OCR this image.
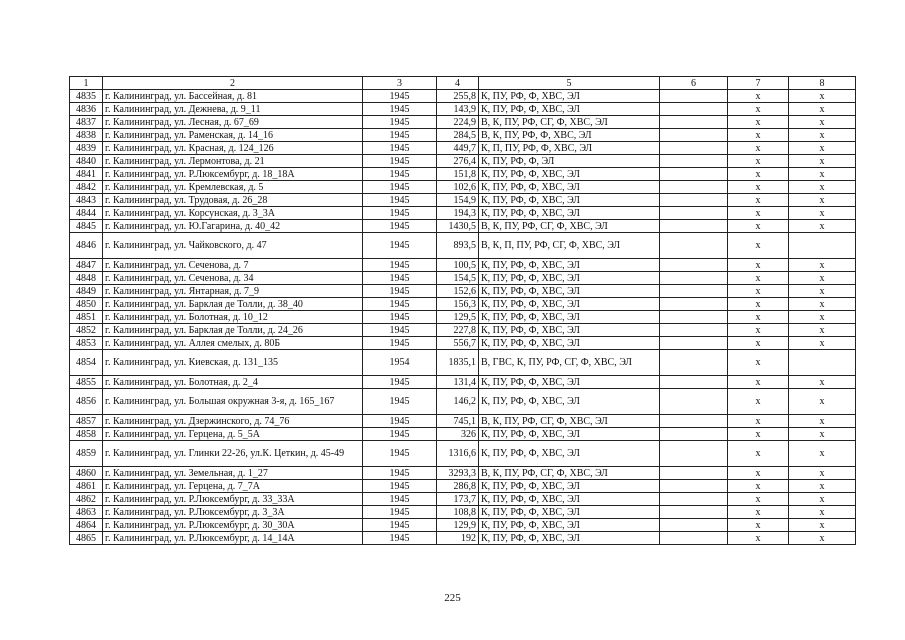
1	2	3	4	5	6	7	8
4835	г. Калининград, ул. Бассейная, д. 81	1945	255,8	К, ПУ, РФ, Ф, ХВС, ЭЛ		x	x
4836	г. Калининград, ул. Дежнева, д. 9_11	1945	143,9	К, ПУ, РФ, Ф, ХВС, ЭЛ		x	x
4837	г. Калининград, ул. Лесная, д. 67_69	1945	224,9	В, К, ПУ, РФ, СГ, Ф, ХВС, ЭЛ		x	x
4838	г. Калининград, ул. Раменская, д. 14_16	1945	284,5	В, К, ПУ, РФ, Ф, ХВС, ЭЛ		x	x
4839	г. Калининград, ул. Красная, д. 124_126	1945	449,7	К, П, ПУ, РФ, Ф, ХВС, ЭЛ		x	x
4840	г. Калининград, ул. Лермонтова, д. 21	1945	276,4	К, ПУ, РФ, Ф, ЭЛ		x	x
4841	г. Калининград, ул. Р.Люксембург, д. 18_18А	1945	151,8	К, ПУ, РФ, Ф, ХВС, ЭЛ		x	x
4842	г. Калининград, ул. Кремлевская, д. 5	1945	102,6	К, ПУ, РФ, Ф, ХВС, ЭЛ		x	x
4843	г. Калининград, ул. Трудовая, д. 26_28	1945	154,9	К, ПУ, РФ, Ф, ХВС, ЭЛ		x	x
4844	г. Калининград, ул. Корсунская, д. 3_3А	1945	194,3	К, ПУ, РФ, Ф, ХВС, ЭЛ		x	x
4845	г. Калининград, ул. Ю.Гагарина, д. 40_42	1945	1430,5	В, К, ПУ, РФ, СГ, Ф, ХВС, ЭЛ		x	x
4846	г. Калининград, ул. Чайковского, д. 47	1945	893,5	В, К, П, ПУ, РФ, СГ, Ф, ХВС, ЭЛ		x	
4847	г. Калининград, ул. Сеченова, д. 7	1945	100,5	К, ПУ, РФ, Ф, ХВС, ЭЛ		x	x
4848	г. Калининград, ул. Сеченова, д. 34	1945	154,5	К, ПУ, РФ, Ф, ХВС, ЭЛ		x	x
4849	г. Калининград, ул. Янтарная, д. 7_9	1945	152,6	К, ПУ, РФ, Ф, ХВС, ЭЛ		x	x
4850	г. Калининград, ул. Барклая де Толли, д. 38_40	1945	156,3	К, ПУ, РФ, Ф, ХВС, ЭЛ		x	x
4851	г. Калининград, ул. Болотная, д. 10_12	1945	129,5	К, ПУ, РФ, Ф, ХВС, ЭЛ		x	x
4852	г. Калининград, ул. Барклая де Толли, д. 24_26	1945	227,8	К, ПУ, РФ, Ф, ХВС, ЭЛ		x	x
4853	г. Калининград, ул. Аллея смелых, д. 80Б	1945	556,7	К, ПУ, РФ, Ф, ХВС, ЭЛ		x	x
4854	г. Калининград, ул. Киевская, д. 131_135	1954	1835,1	В, ГВС, К, ПУ, РФ, СГ, Ф, ХВС, ЭЛ		x	
4855	г. Калининград, ул. Болотная, д. 2_4	1945	131,4	К, ПУ, РФ, Ф, ХВС, ЭЛ		x	x
4856	г. Калининград, ул. Большая окружная 3-я, д. 165_167	1945	146,2	К, ПУ, РФ, Ф, ХВС, ЭЛ		x	x
4857	г. Калининград, ул. Дзержинского, д. 74_76	1945	745,1	В, К, ПУ, РФ, СГ, Ф, ХВС, ЭЛ		x	x
4858	г. Калининград, ул. Герцена, д. 5_5А	1945	326	К, ПУ, РФ, Ф, ХВС, ЭЛ		x	x
4859	г. Калининград, ул. Глинки 22-26, ул.К. Цеткин, д. 45-49	1945	1316,6	К, ПУ, РФ, Ф, ХВС, ЭЛ		x	x
4860	г. Калининград, ул. Земельная, д. 1_27	1945	3293,3	В, К, ПУ, РФ, СГ, Ф, ХВС, ЭЛ		x	x
4861	г. Калининград, ул. Герцена, д. 7_7А	1945	286,8	К, ПУ, РФ, Ф, ХВС, ЭЛ		x	x
4862	г. Калининград, ул. Р.Люксембург, д. 33_33А	1945	173,7	К, ПУ, РФ, Ф, ХВС, ЭЛ		x	x
4863	г. Калининград, ул. Р.Люксембург, д. 3_3А	1945	108,8	К, ПУ, РФ, Ф, ХВС, ЭЛ		x	x
4864	г. Калининград, ул. Р.Люксембург, д. 30_30А	1945	129,9	К, ПУ, РФ, Ф, ХВС, ЭЛ		x	x
4865	г. Калининград, ул. Р.Люксембург, д. 14_14А	1945	192	К, ПУ, РФ, Ф, ХВС, ЭЛ		x	x
225
